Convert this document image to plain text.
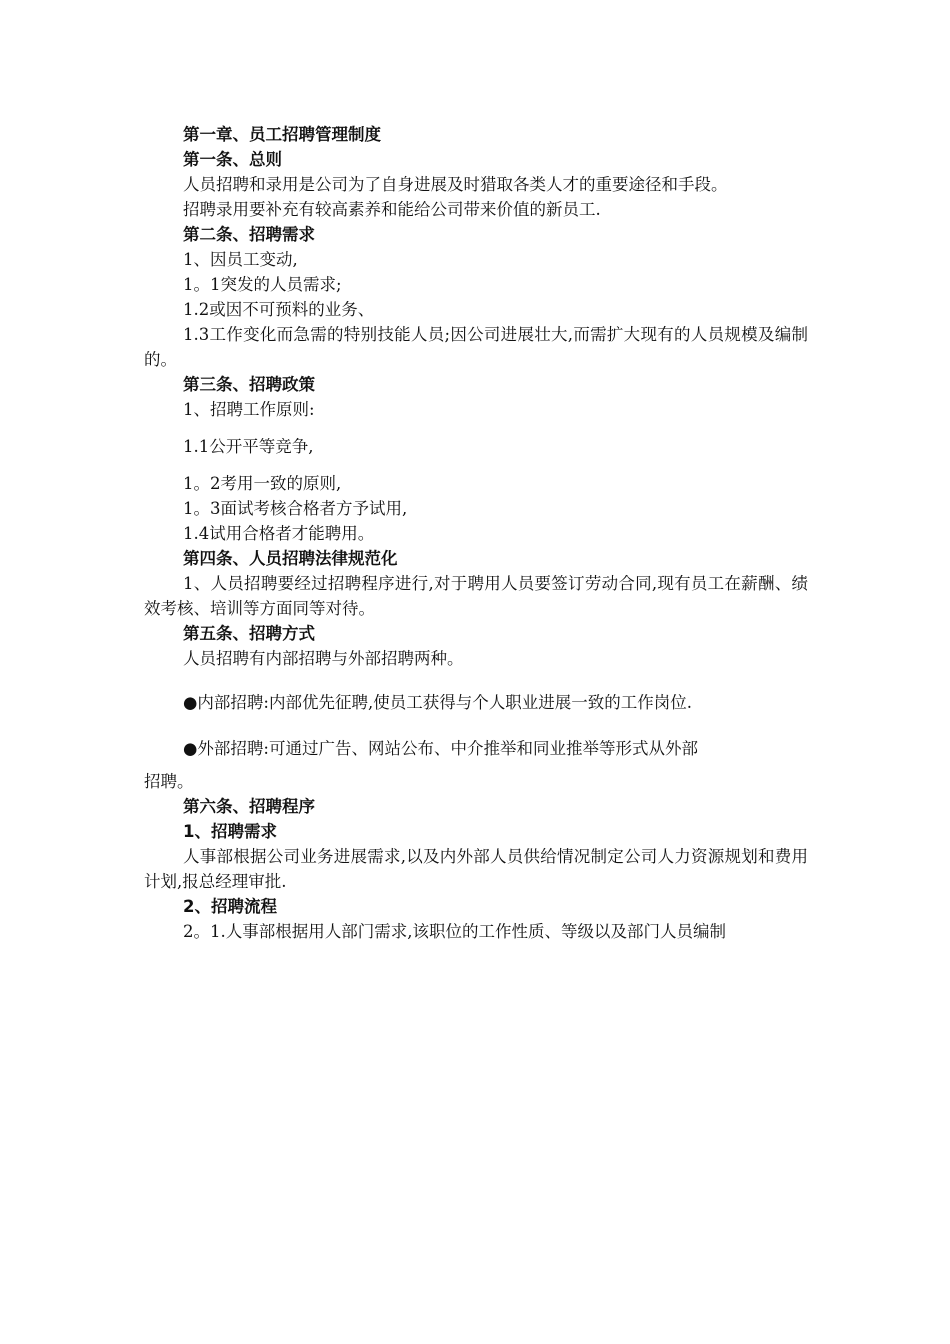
第一章、员工招聘管理制度

第一条、总则

人员招聘和录用是公司为了自身进展及时猎取各类人才的重要途径和手段。

招聘录用要补充有较高素养和能给公司带来价值的新员工.

第二条、招聘需求

1、因员工变动,

1。1突发的人员需求;

1.2或因不可预料的业务、

1.3工作变化而急需的特别技能人员;因公司进展壮大,而需扩大现有的人员规模及编制的。

第三条、招聘政策

1、招聘工作原则:

1.1公开平等竞争,

1。2考用一致的原则,

1。3面试考核合格者方予试用,

1.4试用合格者才能聘用。

第四条、人员招聘法律规范化

1、人员招聘要经过招聘程序进行,对于聘用人员要签订劳动合同,现有员工在薪酬、绩效考核、培训等方面同等对待。

第五条、招聘方式

人员招聘有内部招聘与外部招聘两种。

●内部招聘:内部优先征聘,使员工获得与个人职业进展一致的工作岗位.

●外部招聘:可通过广告、网站公布、中介推举和同业推举等形式从外部

招聘。

第六条、招聘程序

1、招聘需求

人事部根据公司业务进展需求,以及内外部人员供给情况制定公司人力资源规划和费用计划,报总经理审批.

2、招聘流程

2。1.人事部根据用人部门需求,该职位的工作性质、等级以及部门人员编制
